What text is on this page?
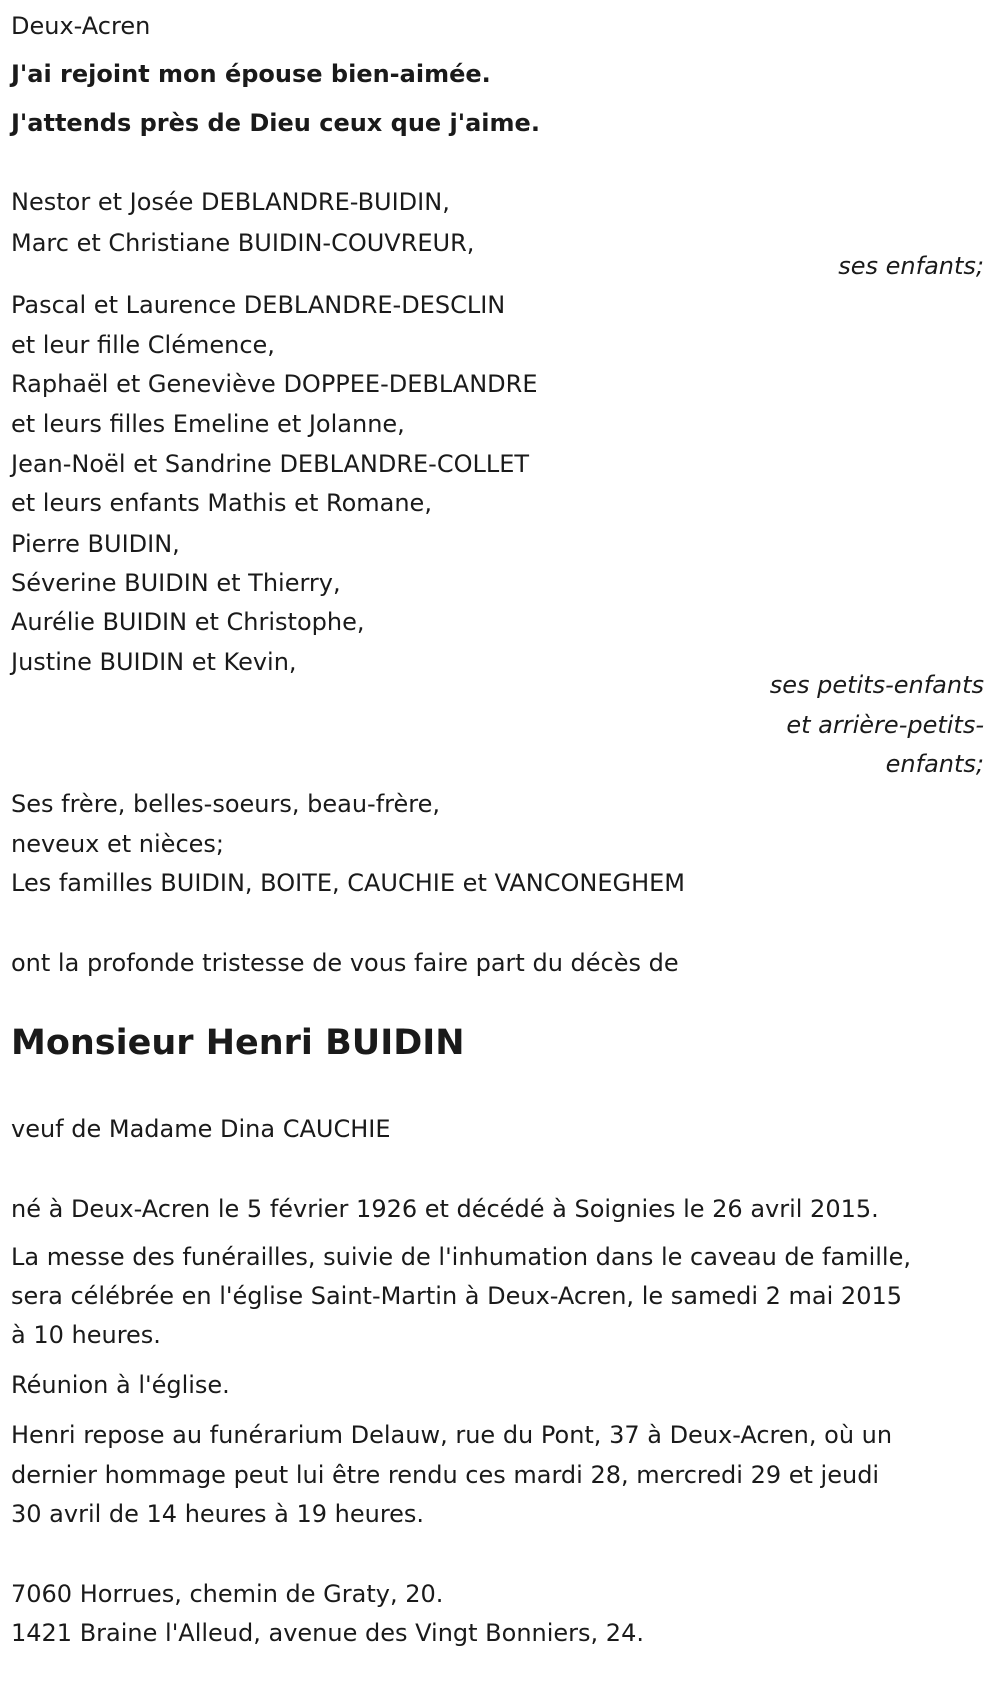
Deux-Acren
J'ai rejoint mon épouse bien-aimée.
J'attends près de Dieu ceux que j'aime.
Nestor et Josée DEBLANDRE-BUIDIN,
Marc et Christiane BUIDIN-COUVREUR,
ses enfants;
Pascal et Laurence DEBLANDRE-DESCLIN
et leur fille Clémence,
Raphaël et Geneviève DOPPEE-DEBLANDRE
et leurs filles Emeline et Jolanne,
Jean-Noël et Sandrine DEBLANDRE-COLLET
et leurs enfants Mathis et Romane,
Pierre BUIDIN,
Séverine BUIDIN et Thierry,
Aurélie BUIDIN et Christophe,
Justine BUIDIN et Kevin,
ses petits-enfants
et arrière-petits-
enfants;
Ses frère, belles-soeurs, beau-frère,
neveux et nièces;
Les familles BUIDIN, BOITE, CAUCHIE et VANCONEGHEM
ont la profonde tristesse de vous faire part du décès de
Monsieur Henri BUIDIN
veuf de Madame Dina CAUCHIE
né à Deux-Acren le 5 février 1926 et décédé à Soignies le 26 avril 2015.
La messe des funérailles, suivie de l'inhumation dans le caveau de famille,
sera célébrée en l'église Saint-Martin à Deux-Acren, le samedi 2 mai 2015
à 10 heures.
Réunion à l'église.
Henri repose au funérarium Delauw, rue du Pont, 37 à Deux-Acren, où un
dernier hommage peut lui être rendu ces mardi 28, mercredi 29 et jeudi
30 avril de 14 heures à 19 heures.
7060 Horrues, chemin de Graty, 20.
1421 Braine l'Alleud, avenue des Vingt Bonniers, 24.
